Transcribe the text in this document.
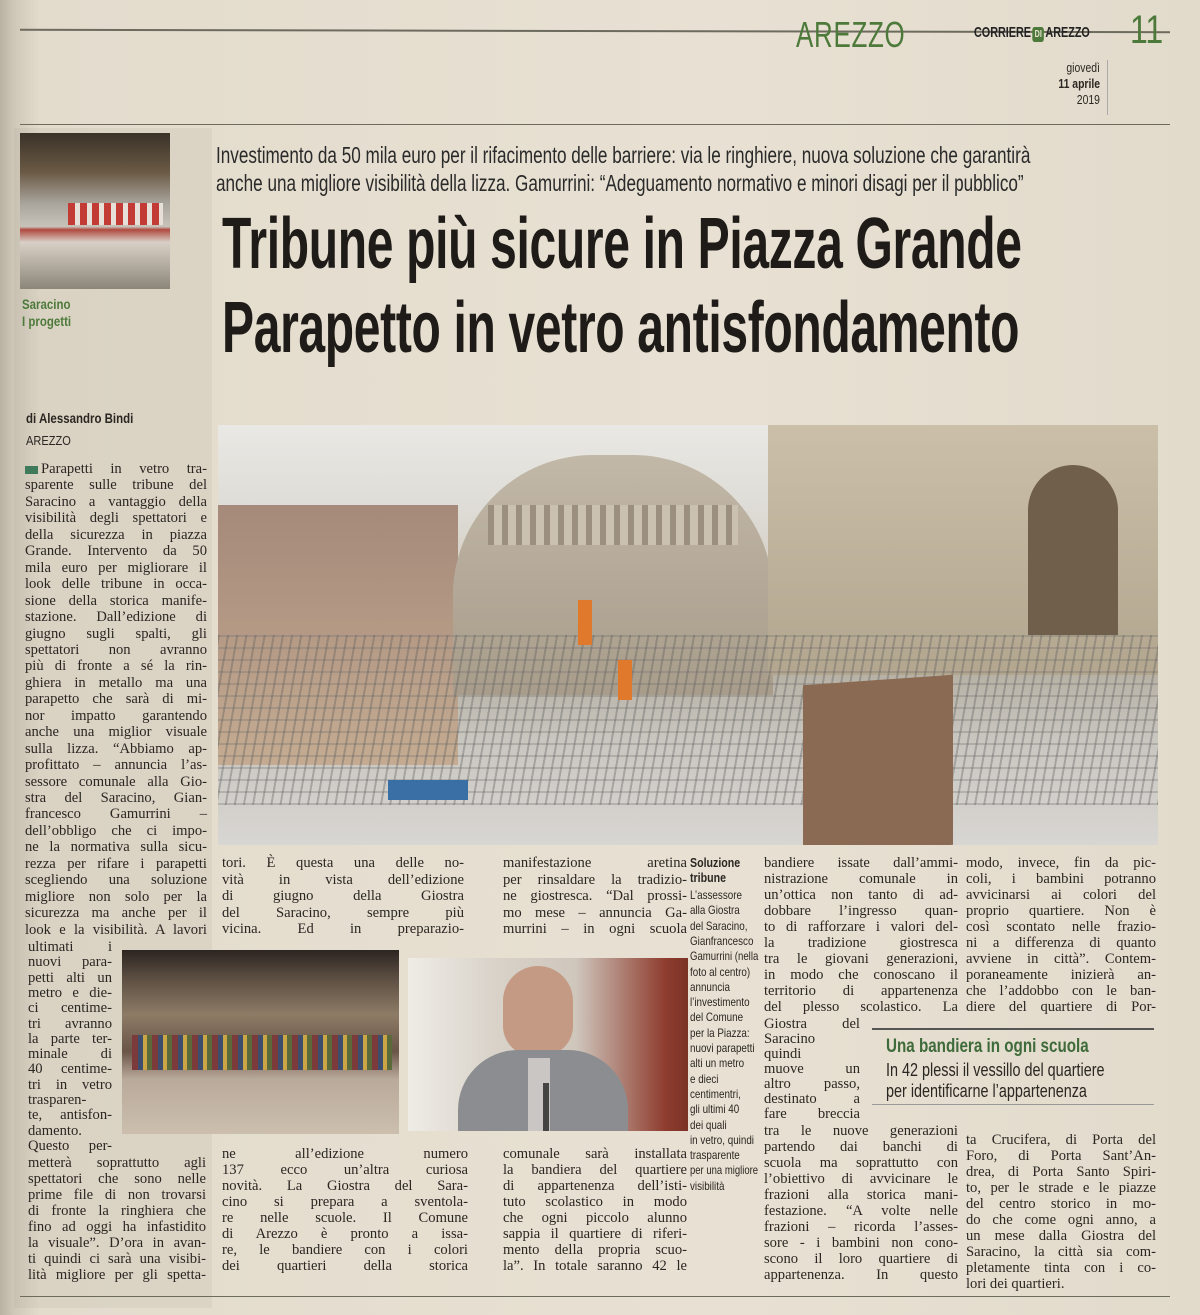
AREZZO	CORRIERE DI AREZZO 11
giovedì
11 aprile
2019
Saracino
I progetti
Investimento da 50 mila euro per il rifacimento delle barriere: via le ringhiere, nuova soluzione che garantirà
anche una migliore visibilità della lizza. Gamurrini: “Adeguamento normativo e minori disagi per il pubblico”
Tribune più sicure in Piazza Grande
Parapetto in vetro antisfondamento
di Alessandro Bindi
AREZZO
Parapetti in vetro tra-
sparente sulle tribune del
Saracino a vantaggio della
visibilità degli spettatori e
della sicurezza in piazza
Grande. Intervento da 50
mila euro per migliorare il
look delle tribune in occa-
sione della storica manife-
stazione. Dall’edizione di
giugno sugli spalti, gli
spettatori non avranno
più di fronte a sé la rin-
ghiera in metallo ma una
parapetto che sarà di mi-
nor impatto garantendo
anche una miglior visuale
sulla lizza. “Abbiamo ap-
profittato – annuncia l’as-
sessore comunale alla Gio-
stra del Saracino, Gian-
francesco Gamurrini –
dell’obbligo che ci impo-
ne la normativa sulla sicu-
rezza per rifare i parapetti
scegliendo una soluzione
migliore non solo per la
sicurezza ma anche per il
look e la visibilità. A lavori
ultimati i
nuovi para-
petti alti un
metro e die-
ci centime-
tri avranno
la parte ter-
minale di
40 centime-
tri in vetro
trasparen-
te, antisfon-
damento.
Questo per-
metterà soprattutto agli
spettatori che sono nelle
prime file di non trovarsi
di fronte la ringhiera che
fino ad oggi ha infastidito
la visuale”. D’ora in avan-
ti quindi ci sarà una visibi-
lità migliore per gli spetta-
tori. È questa una delle no-
vità in vista dell’edizione
di giugno della Giostra
del Saracino, sempre più
vicina. Ed in preparazio-
ne all’edizione numero
137 ecco un’altra curiosa
novità. La Giostra del Sara-
cino si prepara a sventola-
re nelle scuole. Il Comune
di Arezzo è pronto a issa-
re, le bandiere con i colori
dei quartieri della storica
manifestazione aretina
per rinsaldare la tradizio-
ne giostresca. “Dal prossi-
mo mese – annuncia Ga-
murrini – in ogni scuola
comunale sarà installata
la bandiera del quartiere
di appartenenza dell’isti-
tuto scolastico in modo
che ogni piccolo alunno
sappia il quartiere di riferi-
mento della propria scuo-
la”. In totale saranno 42 le
bandiere issate dall’ammi-
nistrazione comunale in
un’ottica non tanto di ad-
dobbare l’ingresso quan-
to di rafforzare i valori del-
la tradizione giostresca
tra le giovani generazioni,
in modo che conoscano il
territorio di appartenenza
del plesso scolastico. La
Giostra del
Saracino
quindi
muove un
altro passo,
destinato a
fare breccia
tra le nuove generazioni
partendo dai banchi di
scuola ma soprattutto con
l’obiettivo di avvicinare le
frazioni alla storica mani-
festazione. “A volte nelle
frazioni – ricorda l’asses-
sore - i bambini non cono-
scono il loro quartiere di
appartenenza. In questo
modo, invece, fin da pic-
coli, i bambini potranno
avvicinarsi ai colori del
proprio quartiere. Non è
così scontato nelle frazio-
ni a differenza di quanto
avviene in città”. Contem-
poraneamente inizierà an-
che l’addobbo con le ban-
diere del quartiere di Por-
ta Crucifera, di Porta del
Foro, di Porta Sant’An-
drea, di Porta Santo Spiri-
to, per le strade e le piazze
del centro storico in mo-
do che come ogni anno, a
un mese dalla Giostra del
Saracino, la città sia com-
pletamente tinta con i co-
lori dei quartieri.
Soluzione
tribune
L’assessore
alla Giostra
del Saracino,
Gianfrancesco
Gamurrini (nella
foto al centro)
annuncia
l’investimento
del Comune
per la Piazza:
nuovi parapetti
alti un metro
e dieci
centimentri,
gli ultimi 40
dei quali
in vetro, quindi
trasparente
per una migliore
visibilità
Una bandiera in ogni scuola
In 42 plessi il vessillo del quartiere
per identificarne l’appartenenza
